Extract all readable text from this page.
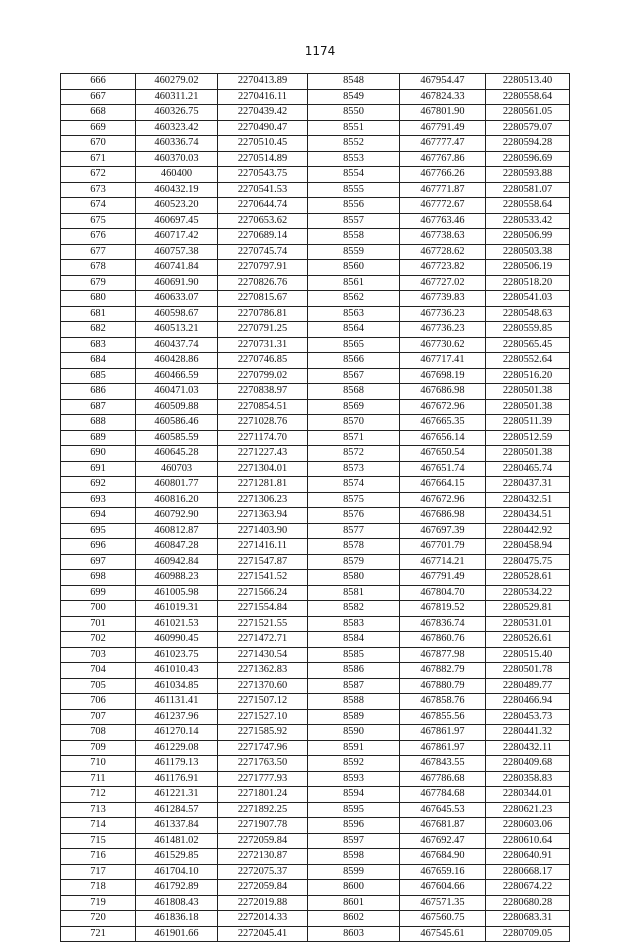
1174
666	460279.02	2270413.89	8548	467954.47	2280513.40
667	460311.21	2270416.11	8549	467824.33	2280558.64
668	460326.75	2270439.42	8550	467801.90	2280561.05
669	460323.42	2270490.47	8551	467791.49	2280579.07
670	460336.74	2270510.45	8552	467777.47	2280594.28
671	460370.03	2270514.89	8553	467767.86	2280596.69
672	460400	2270543.75	8554	467766.26	2280593.88
673	460432.19	2270541.53	8555	467771.87	2280581.07
674	460523.20	2270644.74	8556	467772.67	2280558.64
675	460697.45	2270653.62	8557	467763.46	2280533.42
676	460717.42	2270689.14	8558	467738.63	2280506.99
677	460757.38	2270745.74	8559	467728.62	2280503.38
678	460741.84	2270797.91	8560	467723.82	2280506.19
679	460691.90	2270826.76	8561	467727.02	2280518.20
680	460633.07	2270815.67	8562	467739.83	2280541.03
681	460598.67	2270786.81	8563	467736.23	2280548.63
682	460513.21	2270791.25	8564	467736.23	2280559.85
683	460437.74	2270731.31	8565	467730.62	2280565.45
684	460428.86	2270746.85	8566	467717.41	2280552.64
685	460466.59	2270799.02	8567	467698.19	2280516.20
686	460471.03	2270838.97	8568	467686.98	2280501.38
687	460509.88	2270854.51	8569	467672.96	2280501.38
688	460586.46	2271028.76	8570	467665.35	2280511.39
689	460585.59	2271174.70	8571	467656.14	2280512.59
690	460645.28	2271227.43	8572	467650.54	2280501.38
691	460703	2271304.01	8573	467651.74	2280465.74
692	460801.77	2271281.81	8574	467664.15	2280437.31
693	460816.20	2271306.23	8575	467672.96	2280432.51
694	460792.90	2271363.94	8576	467686.98	2280434.51
695	460812.87	2271403.90	8577	467697.39	2280442.92
696	460847.28	2271416.11	8578	467701.79	2280458.94
697	460942.84	2271547.87	8579	467714.21	2280475.75
698	460988.23	2271541.52	8580	467791.49	2280528.61
699	461005.98	2271566.24	8581	467804.70	2280534.22
700	461019.31	2271554.84	8582	467819.52	2280529.81
701	461021.53	2271521.55	8583	467836.74	2280531.01
702	460990.45	2271472.71	8584	467860.76	2280526.61
703	461023.75	2271430.54	8585	467877.98	2280515.40
704	461010.43	2271362.83	8586	467882.79	2280501.78
705	461034.85	2271370.60	8587	467880.79	2280489.77
706	461131.41	2271507.12	8588	467858.76	2280466.94
707	461237.96	2271527.10	8589	467855.56	2280453.73
708	461270.14	2271585.92	8590	467861.97	2280441.32
709	461229.08	2271747.96	8591	467861.97	2280432.11
710	461179.13	2271763.50	8592	467843.55	2280409.68
711	461176.91	2271777.93	8593	467786.68	2280358.83
712	461221.31	2271801.24	8594	467784.68	2280344.01
713	461284.57	2271892.25	8595	467645.53	2280621.23
714	461337.84	2271907.78	8596	467681.87	2280603.06
715	461481.02	2272059.84	8597	467692.47	2280610.64
716	461529.85	2272130.87	8598	467684.90	2280640.91
717	461704.10	2272075.37	8599	467659.16	2280668.17
718	461792.89	2272059.84	8600	467604.66	2280674.22
719	461808.43	2272019.88	8601	467571.35	2280680.28
720	461836.18	2272014.33	8602	467560.75	2280683.31
721	461901.66	2272045.41	8603	467545.61	2280709.05
